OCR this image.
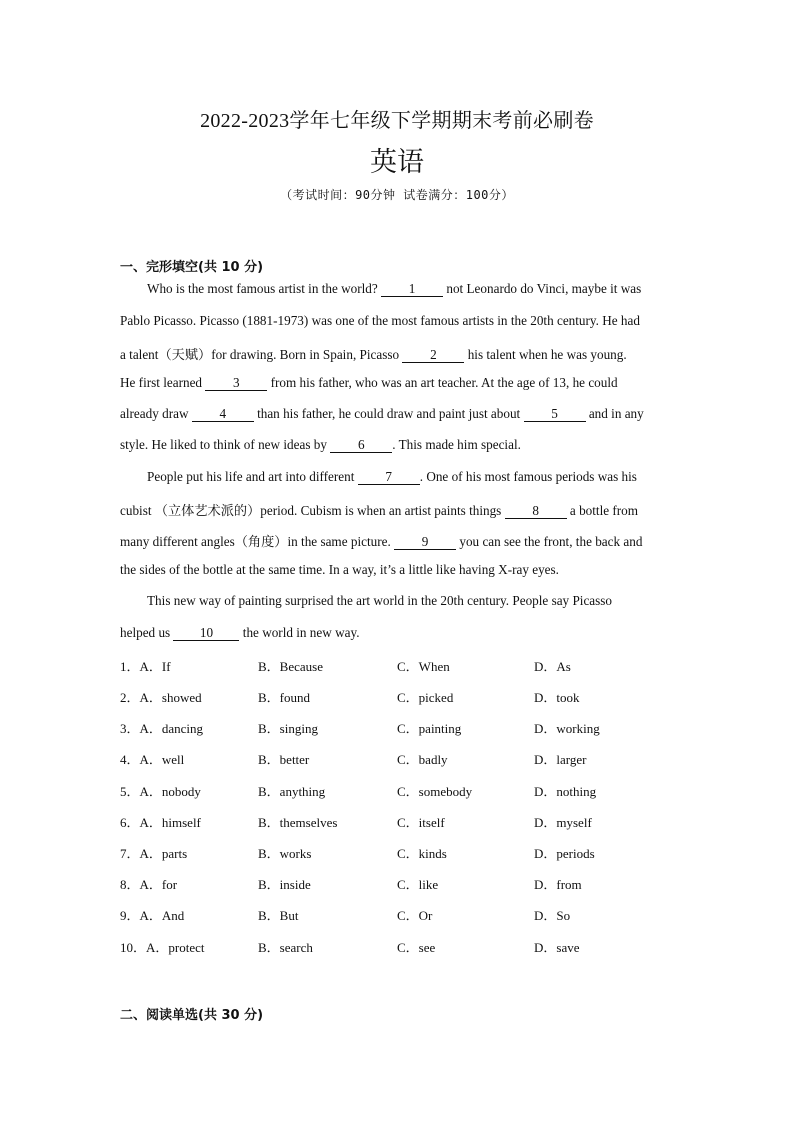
2022-2023学年七年级下学期期末考前必刷卷
英语
（考试时间：90分钟 试卷满分：100分）
一、完形填空(共 10 分)
Who is the most famous artist in the world? 1 not Leonardo do Vinci, maybe it was
Pablo Picasso. Picasso (1881-1973) was one of the most famous artists in the 20th century. He had
a talent（天赋）for drawing. Born in Spain, Picasso 2 his talent when he was young.
He first learned 3 from his father, who was an art teacher. At the age of 13, he could
already draw 4 than his father, he could draw and paint just about 5 and in any
style. He liked to think of new ideas by 6 . This made him special.
People put his life and art into different 7 . One of his most famous periods was his
cubist （立体艺术派的）period. Cubism is when an artist paints things 8 a bottle from
many different angles（角度）in the same picture. 9 you can see the front, the back and
the sides of the bottle at the same time. In a way, it’s a little like having X-ray eyes.
This new way of painting surprised the art world in the 20th century. People say Picasso
helped us 10 the world in new way.
1．A．If	B．Because	C．When	D．As
2．A．showed	B．found	C．picked	D．took
3．A．dancing	B．singing	C．painting	D．working
4．A．well	B．better	C．badly	D．larger
5．A．nobody	B．anything	C．somebody	D．nothing
6．A．himself	B．themselves	C．itself	D．myself
7．A．parts	B．works	C．kinds	D．periods
8．A．for	B．inside	C．like	D．from
9．A．And	B．But	C．Or	D．So
10．A．protect	B．search	C．see	D．save
二、阅读单选(共 30 分)
